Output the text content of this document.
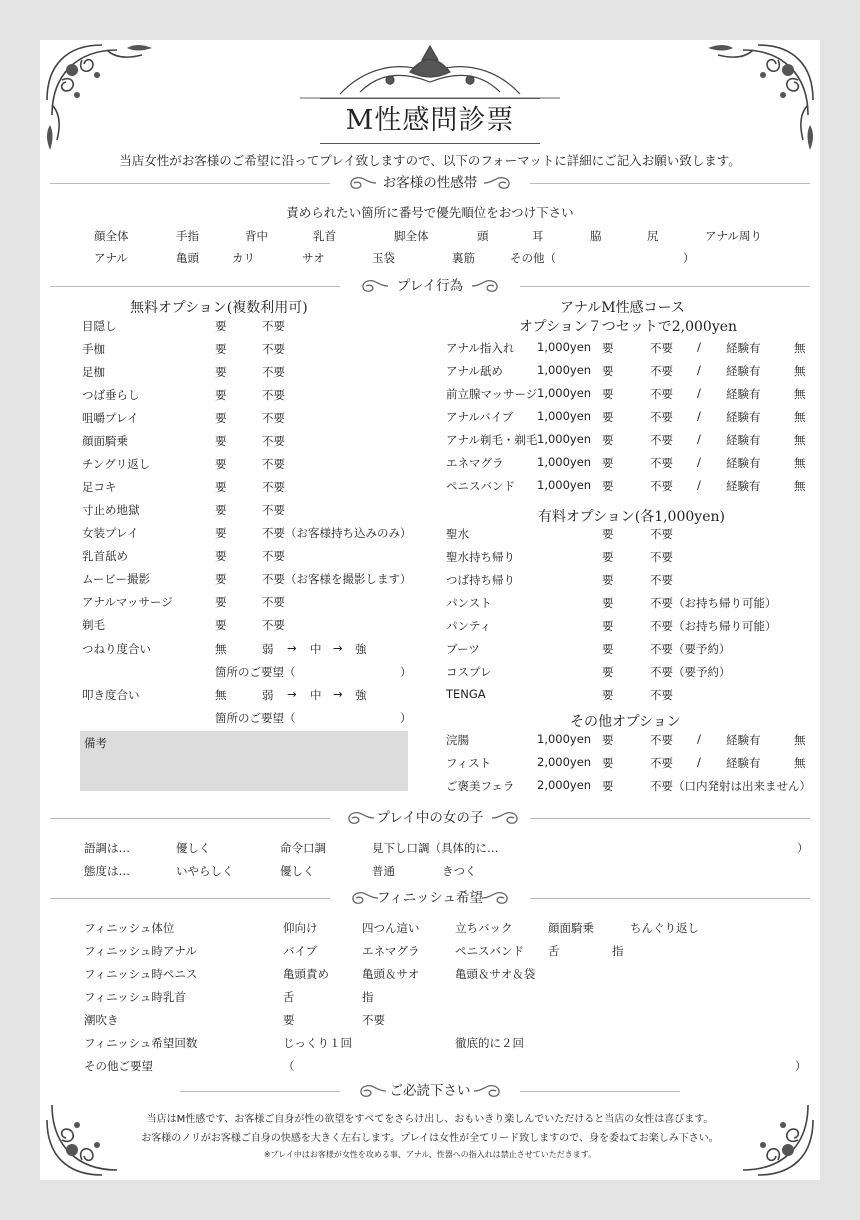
M性感問診票
当店女性がお客様のご希望に沿ってプレイ致しますので、以下のフォーマットに詳細にご記入お願い致します。
お客様の性感帯
責められたい箇所に番号で優先順位をおつけ下さい
顔全体	手指	背中	乳首	脚全体	頭	耳	脇	尻	アナル周り
アナル	亀頭	カリ	サオ	玉袋	裏筋	その他（	）
プレイ行為
無料オプション(複数利用可)
目隠し	要	不要
手枷	要	不要
足枷	要	不要
つば垂らし	要	不要
咀嚼プレイ	要	不要
顔面騎乗	要	不要
チングリ返し	要	不要
足コキ	要	不要
寸止め地獄	要	不要
女装プレイ	要	不要（お客様持ち込みのみ）
乳首舐め	要	不要
ムービー撮影	要	不要（お客様を撮影します）
アナルマッサージ	要	不要
剃毛	要	不要
つねり度合い	無	弱 → 中 → 強
箇所のご要望（	）
叩き度合い	無	弱 → 中 → 強
箇所のご要望（	）
備考
アナルM性感コース
オプション７つセットで2,000yen
アナル指入れ 1,000yen 要	不要 / 経験有	無
アナル舐め	1,000yen 要	不要 / 経験有	無
前立腺マッサージ 1,000yen 要	不要 / 経験有	無
アナルバイブ 1,000yen 要	不要 / 経験有	無
アナル剃毛・剃毛 1,000yen 要	不要 / 経験有	無
エネマグラ	1,000yen 要	不要 / 経験有	無
ペニスバンド 1,000yen 要	不要 / 経験有	無
有料オプション(各1,000yen)
聖水	要	不要
聖水持ち帰り	要	不要
つば持ち帰り	要	不要
パンスト	要	不要（お持ち帰り可能）
パンティ	要	不要（お持ち帰り可能）
ブーツ	要	不要（要予約）
コスプレ	要	不要（要予約）
TENGA	要	不要
その他オプション
浣腸	1,000yen 要	不要 / 経験有	無
フィスト	2,000yen 要	不要 / 経験有	無
ご褒美フェラ 2,000yen 要	不要（口内発射は出来ません）
プレイ中の女の子
語調は…	優しく	命令口調	見下し口調（具体的に…	）
態度は…	いやらしく	優しく	普通	きつく
フィニッシュ希望
フィニッシュ体位	仰向け	四つん這い	立ちバック	顔面騎乗	ちんぐり返し
フィニッシュ時アナル	バイブ	エネマグラ	ペニスバンド 舌	指
フィニッシュ時ペニス	亀頭責め	亀頭＆サオ	亀頭＆サオ＆袋
フィニッシュ時乳首	舌	指
潮吹き	要	不要
フィニッシュ希望回数	じっくり１回	徹底的に２回
その他ご要望	（	）
ご必読下さい
当店はM性感です、お客様ご自身が性の欲望をすべてをさらけ出し、おもいきり楽しんでいただけると当店の女性は喜びます。
お客様のノリがお客様ご自身の快感を大きく左右します。プレイは女性が全てリード致しますので、身を委ねてお楽しみ下さい。
※プレイ中はお客様が女性を攻める事、アナル、性器への指入れは禁止させていただきます。
